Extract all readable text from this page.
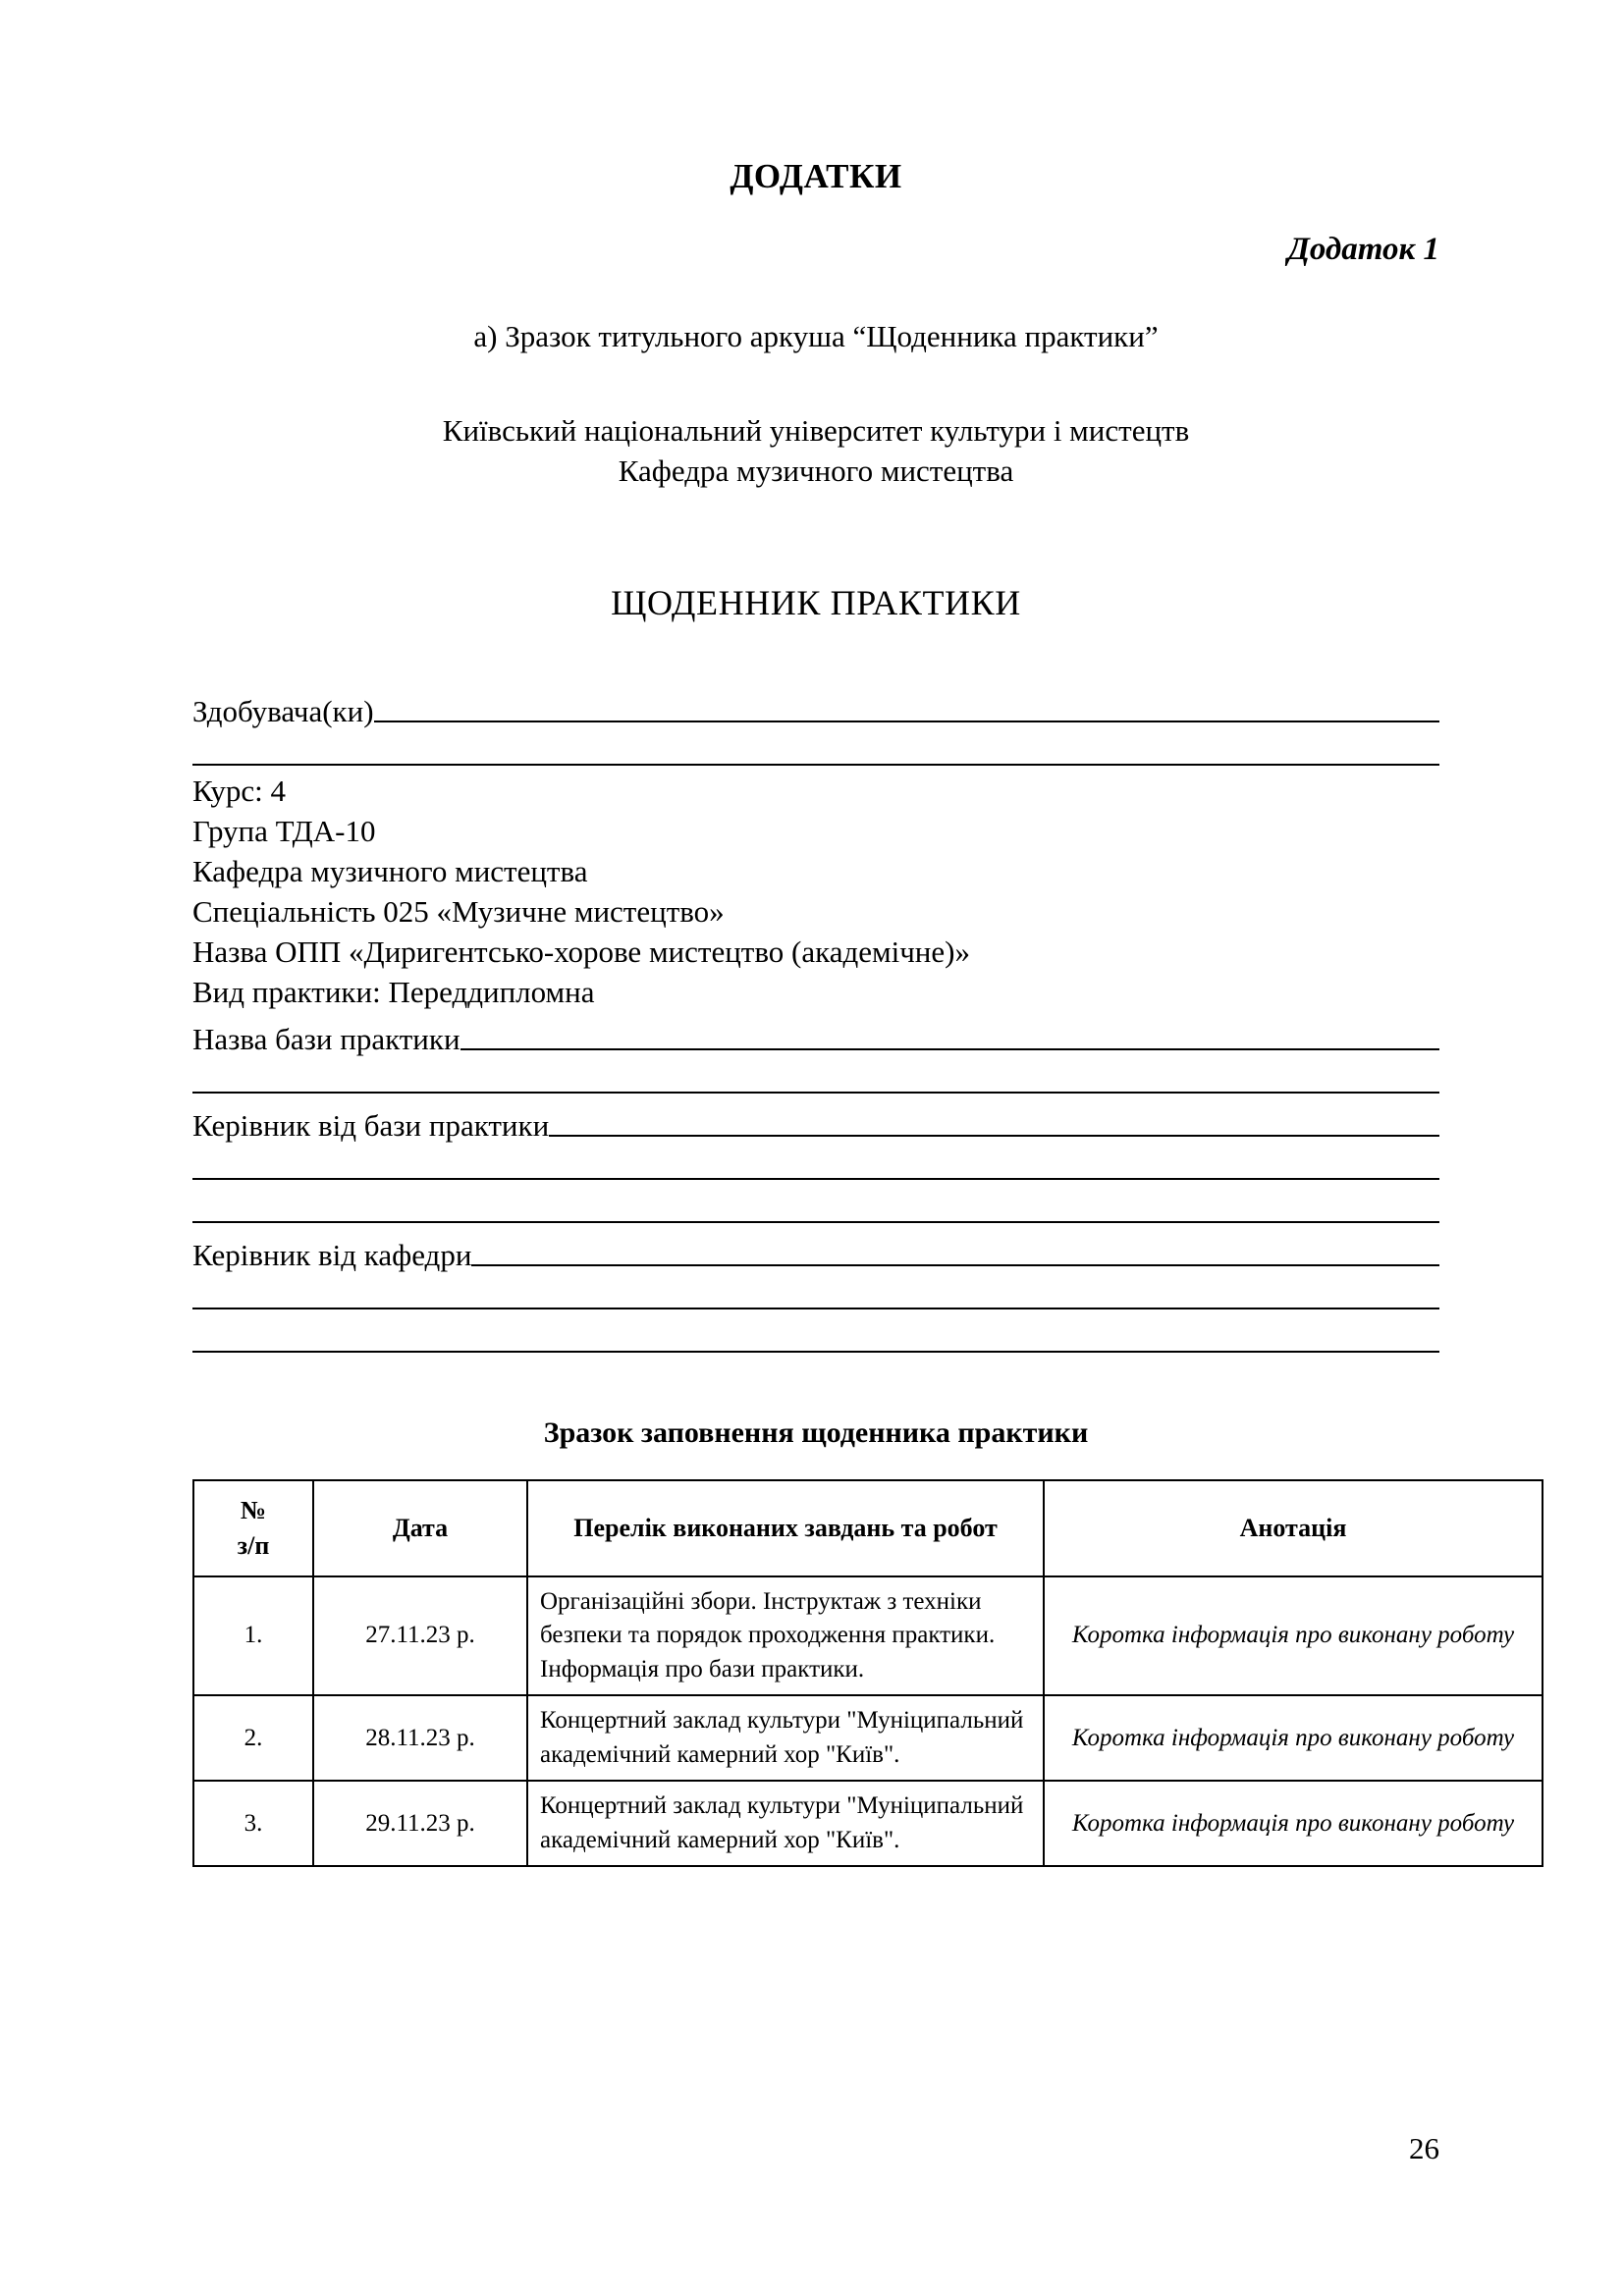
ДОДАТКИ
Додаток 1
а) Зразок титульного аркуша “Щоденника практики”
Київський національний університет культури і мистецтв
Кафедра музичного мистецтва
ЩОДЕННИК ПРАКТИКИ
Здобувача(ки)
Курс: 4
Група ТДА-10
Кафедра музичного мистецтва
Спеціальність 025 «Музичне мистецтво»
Назва ОПП «Диригентсько-хорове мистецтво (академічне)»
Вид практики: Переддипломна
Назва бази практики
Керівник від бази практики
Керівник від кафедри
Зразок заповнення щоденника практики
№
з/п	Дата	Перелік виконаних завдань та робот	Анотація
1.	27.11.23 р.	Організаційні збори. Інструктаж з техніки безпеки та порядок проходження практики. Інформація про бази практики.	Коротка інформація про виконану роботу
2.	28.11.23 р.	Концертний заклад культури "Муніципальний академічний камерний хор "Київ".	Коротка інформація про виконану роботу
3.	29.11.23 р.	Концертний заклад культури "Муніципальний академічний камерний хор "Київ".	Коротка інформація про виконану роботу
26
